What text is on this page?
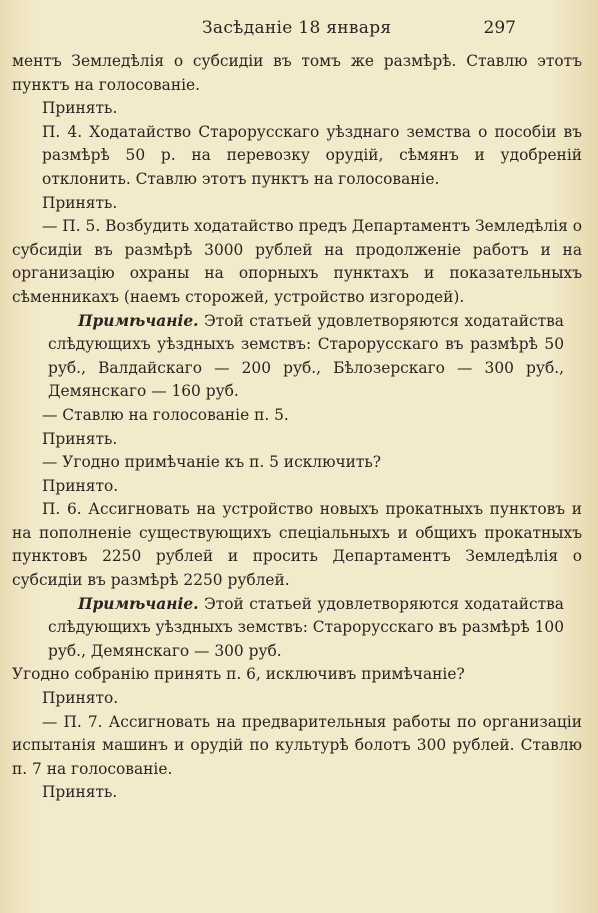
Засѣданіе 18 января	297

ментъ Земледѣлія о субсидіи въ томъ же размѣрѣ. Ставлю этотъ пунктъ на голосованіе.

Принять.

П. 4. Ходатайство Старорусскаго уѣзднаго земства о пособіи въ размѣрѣ 50 р. на перевозку орудій, сѣмянъ и удобреній отклонить. Ставлю этотъ пунктъ на голосованіе.

Принять.

— П. 5. Возбудить ходатайство предъ Департаментъ Земледѣлія о субсидіи въ размѣрѣ 3000 рублей на продолженіе работъ и на организацію охраны на опорныхъ пунктахъ и показательныхъ сѣменникахъ (наемъ сторожей, устройство изгородей).

Примѣчаніе. Этой статьей удовлетворяются ходатайства слѣдующихъ уѣздныхъ земствъ: Старорусскаго въ размѣрѣ 50 руб., Валдайскаго — 200 руб., Бѣлозерскаго — 300 руб., Демянскаго — 160 руб.

— Ставлю на голосованіе п. 5.

Принять.

— Угодно примѣчаніе къ п. 5 исключить?

Принято.

П. 6. Ассигновать на устройство новыхъ прокатныхъ пунктовъ и на пополненіе существующихъ спеціальныхъ и общихъ прокатныхъ пунктовъ 2250 рублей и просить Департаментъ Земледѣлія о субсидіи въ размѣрѣ 2250 рублей.

Примѣчаніе. Этой статьей удовлетворяются ходатайства слѣдующихъ уѣздныхъ земствъ: Старорусскаго въ размѣрѣ 100 руб., Демянскаго — 300 руб.

Угодно собранію принять п. 6, исключивъ примѣчаніе?

Принято.

— П. 7. Ассигновать на предварительныя работы по организаціи испытанія машинъ и орудій по культурѣ болотъ 300 рублей. Ставлю п. 7 на голосованіе.

Принять.
